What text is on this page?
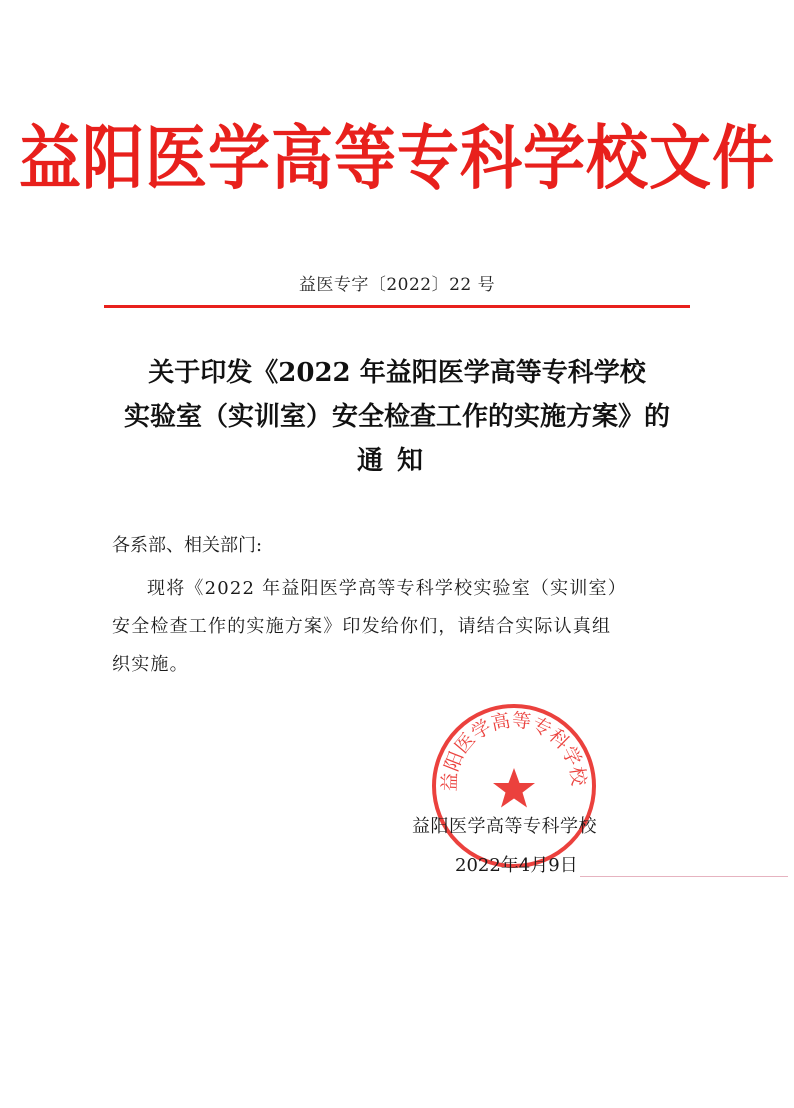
益阳医学高等专科学校文件
益医专字〔2022〕22 号
关于印发《2022 年益阳医学高等专科学校
实验室（实训室）安全检查工作的实施方案》的
通知
各系部、相关部门:
现将《2022 年益阳医学高等专科学校实验室（实训室）
安全检查工作的实施方案》印发给你们，请结合实际认真组
织实施。
益阳医学高等专科学校
益阳医学高等专科学校
2022年4月9日
